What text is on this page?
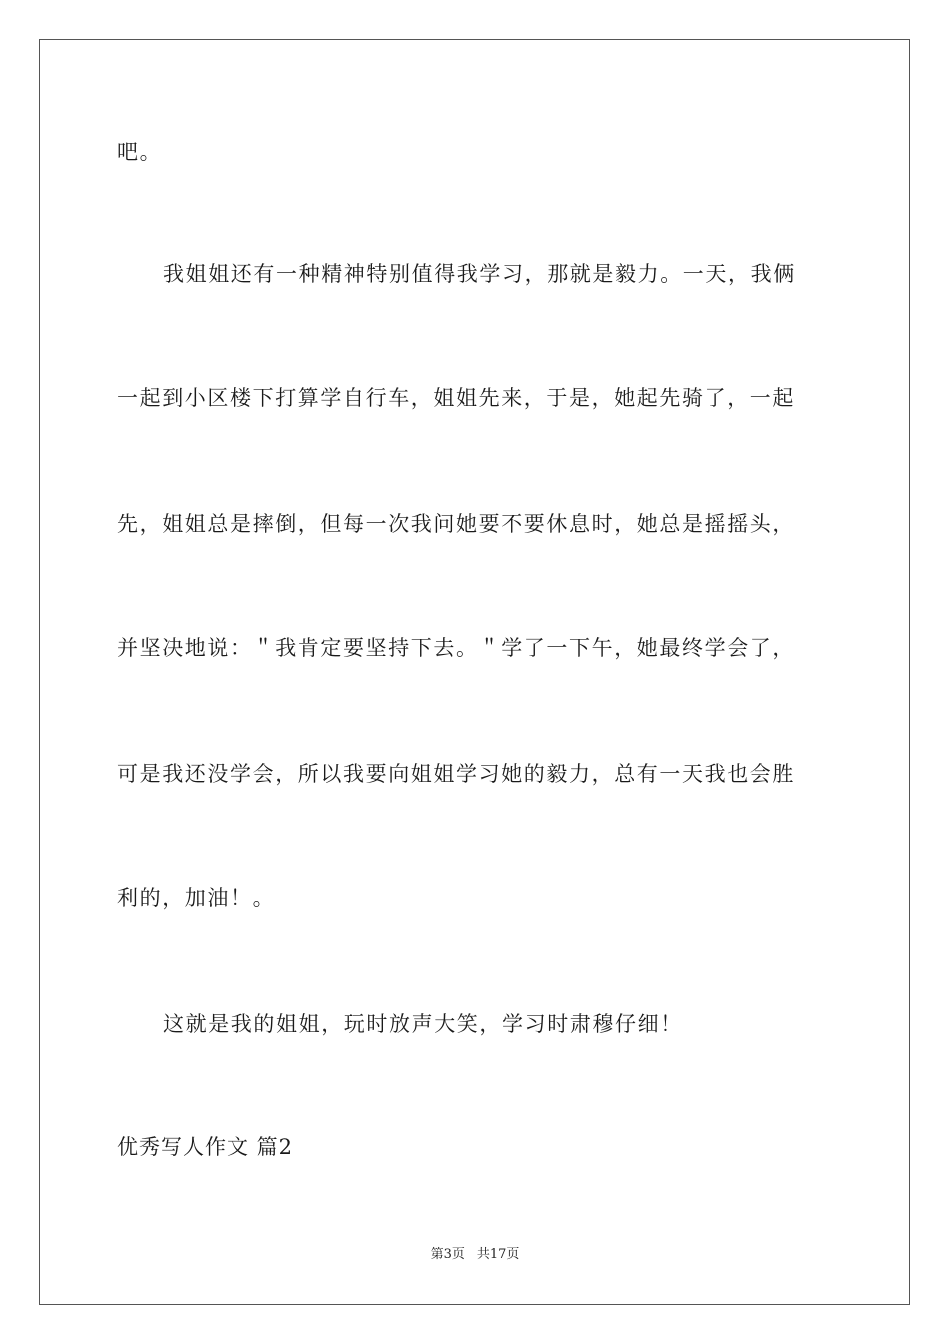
吧。
我姐姐还有一种精神特别值得我学习，那就是毅力。一天，我俩
一起到小区楼下打算学自行车，姐姐先来，于是，她起先骑了，一起
先，姐姐总是摔倒，但每一次我问她要不要休息时，她总是摇摇头，
并坚决地说：＂我肯定要坚持下去。＂学了一下午，她最终学会了，
可是我还没学会，所以我要向姐姐学习她的毅力，总有一天我也会胜
利的，加油！。
这就是我的姐姐，玩时放声大笑，学习时肃穆仔细！
优秀写人作文 篇2
第3页 共17页
